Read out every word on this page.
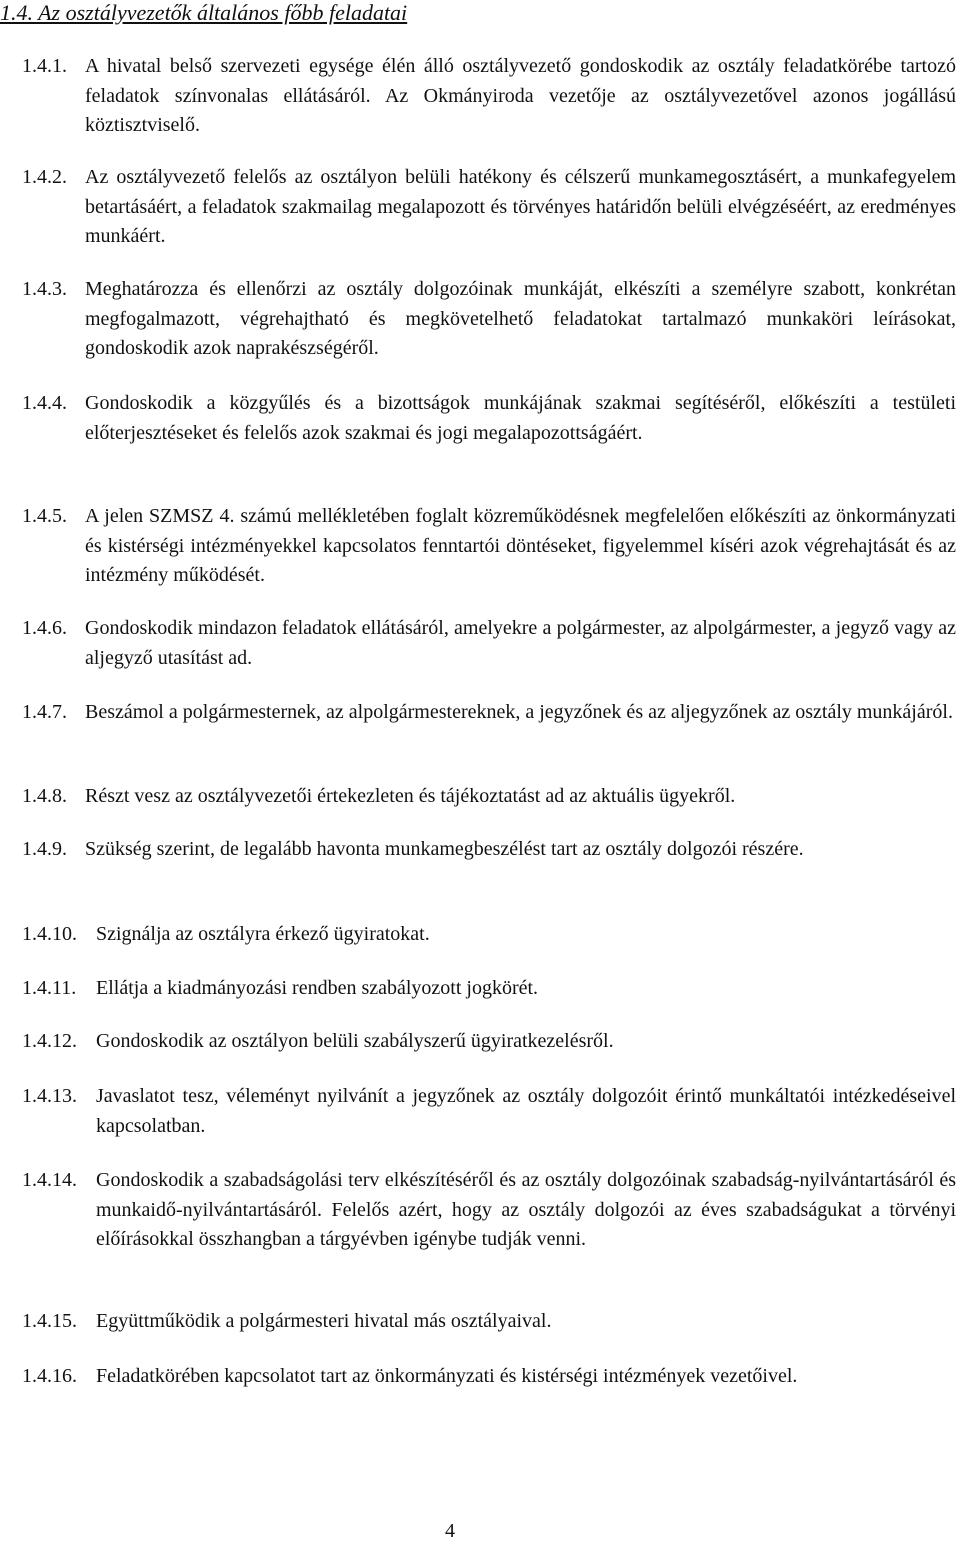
1.4. Az osztályvezetők általános főbb feladatai
1.4.1. A hivatal belső szervezeti egysége élén álló osztályvezető gondoskodik az osztály feladatkörébe tartozó feladatok színvonalas ellátásáról. Az Okmányiroda vezetője az osztályvezetővel azonos jogállású köztisztviselő.
1.4.2. Az osztályvezető felelős az osztályon belüli hatékony és célszerű munkamegosztásért, a munkafegyelem betartásáért, a feladatok szakmailag megalapozott és törvényes határidőn belüli elvégzéséért, az eredményes munkáért.
1.4.3. Meghatározza és ellenőrzi az osztály dolgozóinak munkáját, elkészíti a személyre szabott, konkrétan megfogalmazott, végrehajtható és megkövetelhető feladatokat tartalmazó munkaköri leírásokat, gondoskodik azok naprakészségéről.
1.4.4. Gondoskodik a közgyűlés és a bizottságok munkájának szakmai segítéséről, előkészíti a testületi előterjesztéseket és felelős azok szakmai és jogi megalapozottságáért.
1.4.5. A jelen SZMSZ 4. számú mellékletében foglalt közreműködésnek megfelelően előkészíti az önkormányzati és kistérségi intézményekkel kapcsolatos fenntartói döntéseket, figyelemmel kíséri azok végrehajtását és az intézmény működését.
1.4.6. Gondoskodik mindazon feladatok ellátásáról, amelyekre a polgármester, az alpolgármester, a jegyző vagy az aljegyző utasítást ad.
1.4.7. Beszámol a polgármesternek, az alpolgármestereknek, a jegyzőnek és az aljegyzőnek az osztály munkájáról.
1.4.8. Részt vesz az osztályvezetői értekezleten és tájékoztatást ad az aktuális ügyekről.
1.4.9. Szükség szerint, de legalább havonta munkamegbeszélést tart az osztály dolgozói részére.
1.4.10. Szignálja az osztályra érkező ügyiratokat.
1.4.11. Ellátja a kiadmányozási rendben szabályozott jogkörét.
1.4.12. Gondoskodik az osztályon belüli szabályszerű ügyiratkezelésről.
1.4.13. Javaslatot tesz, véleményt nyilvánít a jegyzőnek az osztály dolgozóit érintő munkáltatói intézkedéseivel kapcsolatban.
1.4.14. Gondoskodik a szabadságolási terv elkészítéséről és az osztály dolgozóinak szabadság-nyilvántartásáról és munkaidő-nyilvántartásáról. Felelős azért, hogy az osztály dolgozói az éves szabadságukat a törvényi előírásokkal összhangban a tárgyévben igénybe tudják venni.
1.4.15. Együttműködik a polgármesteri hivatal más osztályaival.
1.4.16. Feladatkörében kapcsolatot tart az önkormányzati és kistérségi intézmények vezetőivel.
4
